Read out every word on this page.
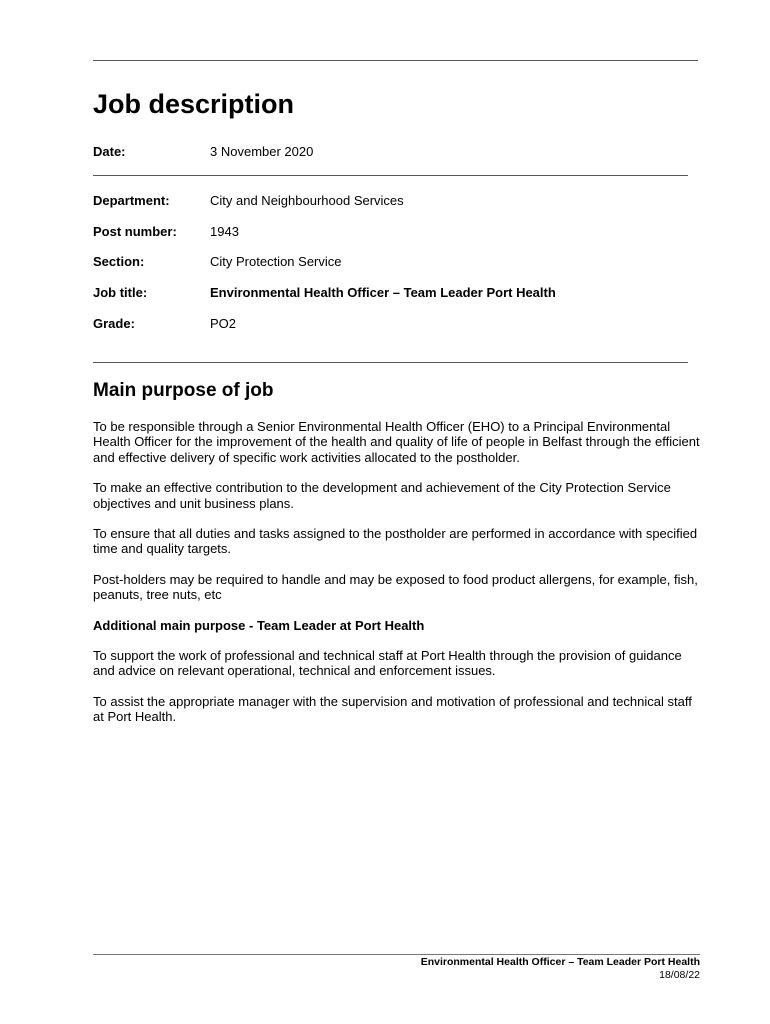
Job description
Date:	3 November 2020
Department:	City and Neighbourhood Services
Post number:	1943
Section:	City Protection Service
Job title:	Environmental Health Officer – Team Leader Port Health
Grade:	PO2
Main purpose of job

To be responsible through a Senior Environmental Health Officer (EHO) to a Principal Environmental Health Officer for the improvement of the health and quality of life of people in Belfast through the efficient and effective delivery of specific work activities allocated to the postholder.

To make an effective contribution to the development and achievement of the City Protection Service objectives and unit business plans.

To ensure that all duties and tasks assigned to the postholder are performed in accordance with specified time and quality targets.

Post-holders may be required to handle and may be exposed to food product allergens, for example, fish, peanuts, tree nuts, etc

Additional main purpose - Team Leader at Port Health

To support the work of professional and technical staff at Port Health through the provision of guidance and advice on relevant operational, technical and enforcement issues.

To assist the appropriate manager with the supervision and motivation of professional and technical staff at Port Health.

Environmental Health Officer – Team Leader Port Health
18/08/22
